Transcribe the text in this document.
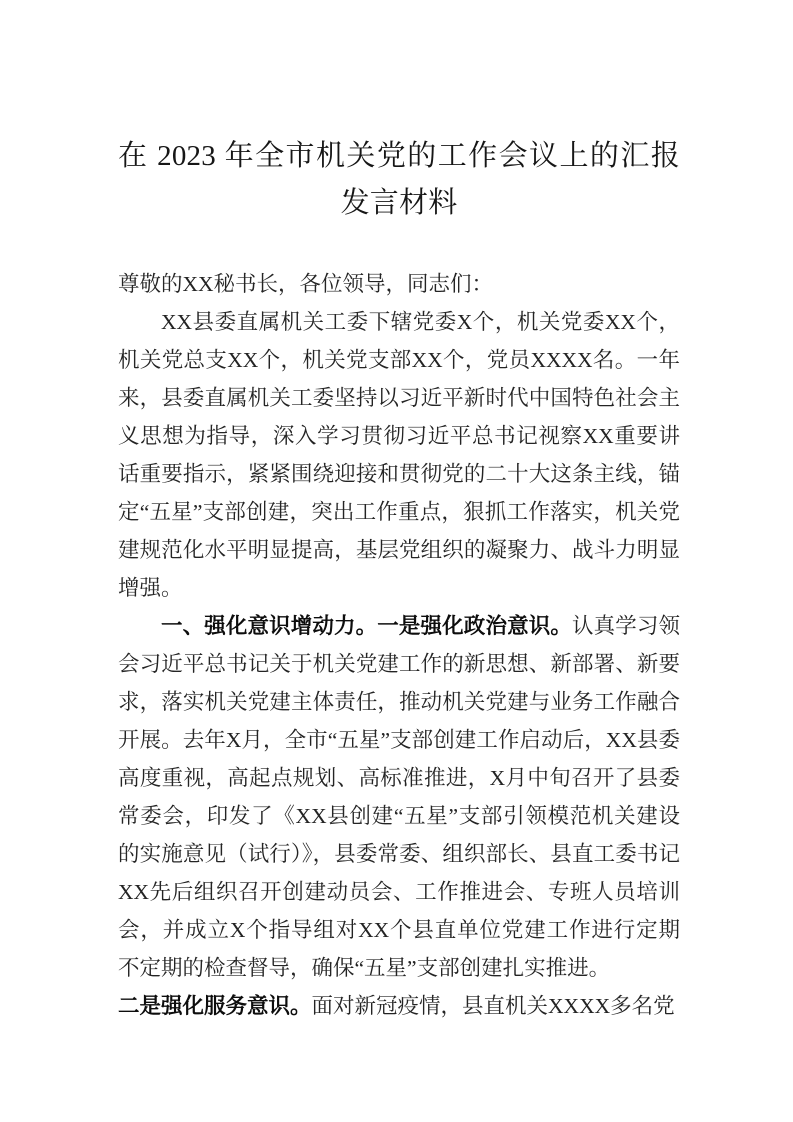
在 2023 年全市机关党的工作会议上的汇报
发言材料

尊敬的XX秘书长，各位领导，同志们：

XX县委直属机关工委下辖党委X个，机关党委XX个，机关党总支XX个，机关党支部XX个，党员XXXX名。一年来，县委直属机关工委坚持以习近平新时代中国特色社会主义思想为指导，深入学习贯彻习近平总书记视察XX重要讲话重要指示，紧紧围绕迎接和贯彻党的二十大这条主线，锚定“五星”支部创建，突出工作重点，狠抓工作落实，机关党建规范化水平明显提高，基层党组织的凝聚力、战斗力明显增强。

一、强化意识增动力。一是强化政治意识。认真学习领会习近平总书记关于机关党建工作的新思想、新部署、新要求，落实机关党建主体责任，推动机关党建与业务工作融合开展。去年X月，全市“五星”支部创建工作启动后，XX县委高度重视，高起点规划、高标准推进，X月中旬召开了县委常委会，印发了《XX县创建“五星”支部引领模范机关建设的实施意见（试行）》，县委常委、组织部长、县直工委书记XX先后组织召开创建动员会、工作推进会、专班人员培训会，并成立X个指导组对XX个县直单位党建工作进行定期不定期的检查督导，确保“五星”支部创建扎实推进。

二是强化服务意识。面对新冠疫情，县直机关XXXX多名党
